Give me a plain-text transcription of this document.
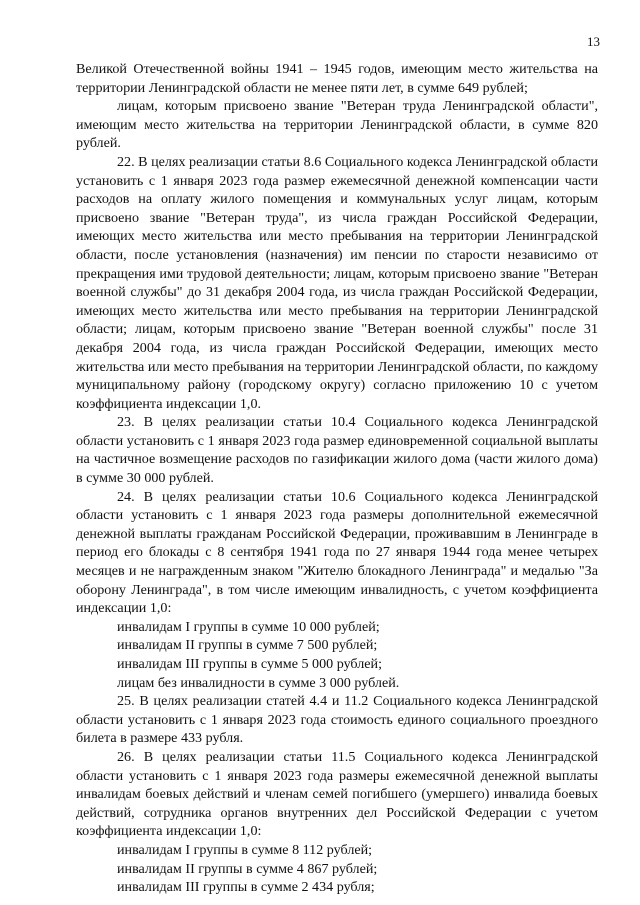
13

Великой Отечественной войны 1941 – 1945 годов, имеющим место жительства на территории Ленинградской области не менее пяти лет, в сумме 649 рублей;

лицам, которым присвоено звание "Ветеран труда Ленинградской области", имеющим место жительства на территории Ленинградской области, в сумме 820 рублей.

22. В целях реализации статьи 8.6 Социального кодекса Ленинградской области установить с 1 января 2023 года размер ежемесячной денежной компенсации части расходов на оплату жилого помещения и коммунальных услуг лицам, которым присвоено звание "Ветеран труда", из числа граждан Российской Федерации, имеющих место жительства или место пребывания на территории Ленинградской области, после установления (назначения) им пенсии по старости независимо от прекращения ими трудовой деятельности; лицам, которым присвоено звание "Ветеран военной службы" до 31 декабря 2004 года, из числа граждан Российской Федерации, имеющих место жительства или место пребывания на территории Ленинградской области; лицам, которым присвоено звание "Ветеран военной службы" после 31 декабря 2004 года, из числа граждан Российской Федерации, имеющих место жительства или место пребывания на территории Ленинградской области, по каждому муниципальному району (городскому округу) согласно приложению 10 с учетом коэффициента индексации 1,0.

23. В целях реализации статьи 10.4 Социального кодекса Ленинградской области установить с 1 января 2023 года размер единовременной социальной выплаты на частичное возмещение расходов по газификации жилого дома (части жилого дома) в сумме 30 000 рублей.

24. В целях реализации статьи 10.6 Социального кодекса Ленинградской области установить с 1 января 2023 года размеры дополнительной ежемесячной денежной выплаты гражданам Российской Федерации, проживавшим в Ленинграде в период его блокады с 8 сентября 1941 года по 27 января 1944 года менее четырех месяцев и не награжденным знаком "Жителю блокадного Ленинграда" и медалью "За оборону Ленинграда", в том числе имеющим инвалидность, с учетом коэффициента индексации 1,0:

инвалидам I группы в сумме 10 000 рублей;

инвалидам II группы в сумме 7 500 рублей;

инвалидам III группы в сумме 5 000 рублей;

лицам без инвалидности в сумме 3 000 рублей.

25. В целях реализации статей 4.4 и 11.2 Социального кодекса Ленинградской области установить с 1 января 2023 года стоимость единого социального проездного билета в размере 433 рубля.

26. В целях реализации статьи 11.5 Социального кодекса Ленинградской области установить с 1 января 2023 года размеры ежемесячной денежной выплаты инвалидам боевых действий и членам семей погибшего (умершего) инвалида боевых действий, сотрудника органов внутренних дел Российской Федерации с учетом коэффициента индексации 1,0:

инвалидам I группы в сумме 8 112 рублей;

инвалидам II группы в сумме 4 867 рублей;

инвалидам III группы в сумме 2 434 рубля;
